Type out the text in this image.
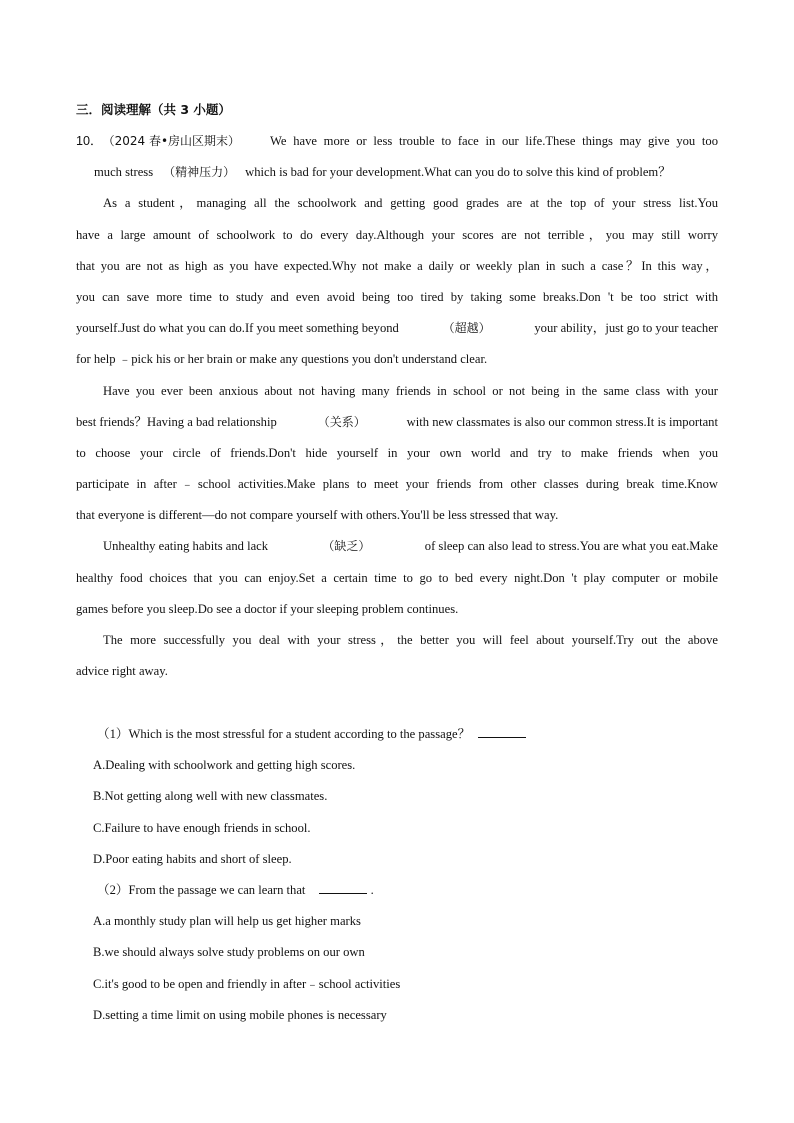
三．阅读理解（共 3 小题）
10． （2024 春•房山区期末） We have more or less trouble to face in our life.These things may give you too
much stress （精神压力） which is bad for your development.What can you do to solve this kind of problem？
As a student，managing all the schoolwork and getting good grades are at the top of your stress list.You
have a large amount of schoolwork to do every day.Although your scores are not terrible，you may still worry
that you are not as high as you have expected.Why not make a daily or weekly plan in such a case？In this way，
you can save more time to study and even avoid being too tired by taking some breaks.Don 't be too strict with
yourself.Just do what you can do.If you meet something beyond	（超越）	your ability，just go to your teacher
for help ﹣pick his or her brain or make any questions you don't understand clear.
Have you ever been anxious about not having many friends in school or not being in the same class with your
best friends？Having a bad relationship	（关系）	with new classmates is also our common stress.It is important
to choose your circle of friends.Don't hide yourself in your own world and try to make friends when you
participate in after﹣school activities.Make plans to meet your friends from other classes during break time.Know
that everyone is different—do not compare yourself with others.You'll be less stressed that way.
Unhealthy eating habits and lack	（缺乏）	of sleep can also lead to stress.You are what you eat.Make
healthy food choices that you can enjoy.Set a certain time to go to bed every night.Don 't play computer or mobile
games before you sleep.Do see a doctor if your sleeping problem continues.
The more successfully you deal with your stress，the better you will feel about yourself.Try out the above
advice right away.
（1）Which is the most stressful for a student according to the passage？
A.Dealing with schoolwork and getting high scores.
B.Not getting along well with new classmates.
C.Failure to have enough friends in school.
D.Poor eating habits and short of sleep.
（2）From the passage we can learn that	.
A.a monthly study plan will help us get higher marks
B.we should always solve study problems on our own
C.it's good to be open and friendly in after﹣school activities
D.setting a time limit on using mobile phones is necessary
